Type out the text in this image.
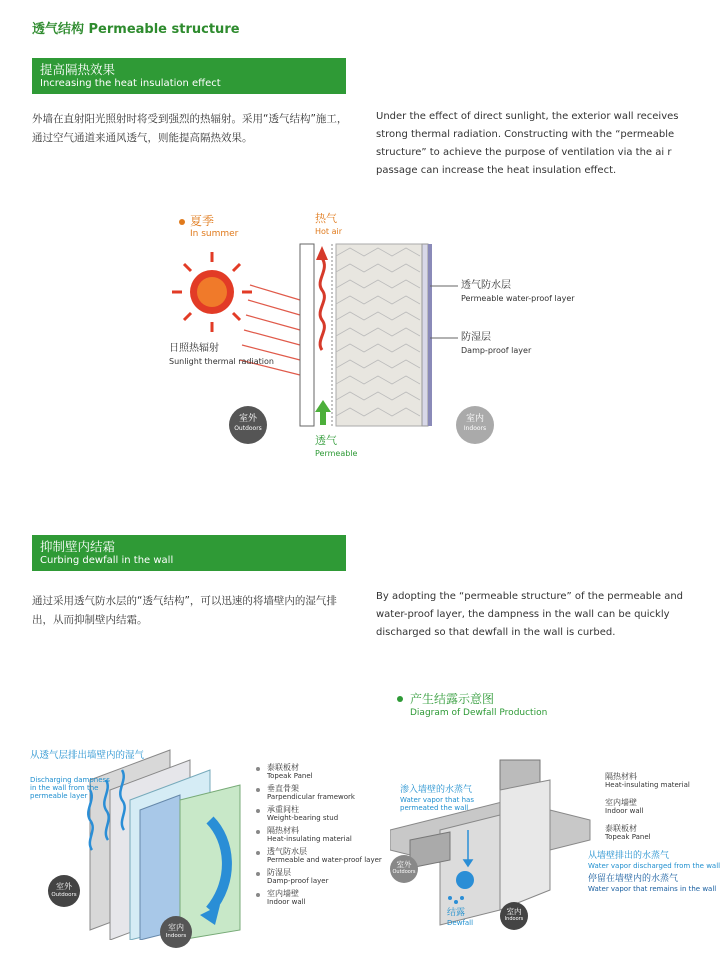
透气结构 Permeable structure
提高隔热效果
Increasing the heat insulation effect
外墙在直射阳光照射时将受到强烈的热辐射。采用“透气结构”施工，通过空气通道来通风透气，则能提高隔热效果。
Under the effect of direct sunlight, the exterior wall receives strong thermal radiation. Constructing with the “permeable structure” to achieve the purpose of ventilation via the ai r passage can increase the heat insulation effect.
夏季
In summer
热气
Hot air
日照热辐射
Sunlight thermal radiation
透气防水层
Permeable water-proof layer
防湿层
Damp-proof layer
室外
Outdoors
室内
Indoors
透气
Permeable
抑制壁内结霜
Curbing dewfall in the wall
通过采用透气防水层的“透气结构”，可以迅速的将墙壁内的湿气排出，从而抑制壁内结霜。
By adopting the “permeable structure” of the permeable and water-proof layer, the dampness in the wall can be quickly discharged so that dewfall in the wall is curbed.
从透气层排出墙壁内的湿气
Discharging dampness in the wall from the permeable layer
室外
Outdoors
室内
Indoors
泰联板材
Topeak Panel
垂直骨架
Parpendicular framework
承重间柱
Weight-bearing stud
隔热材料
Heat-insulating material
透气防水层
Permeable and water-proof layer
防湿层
Damp-proof layer
室内墙壁
Indoor wall
产生结露示意图
Diagram of Dewfall Production
渗入墙壁的水蒸气
Water vapor that has permeated the wall
隔热材料
Heat-insulating material
室内墙壁
Indoor wall
泰联板材
Topeak Panel
从墙壁排出的水蒸气
Water vapor discharged from the wall
停留在墙壁内的水蒸气
Water vapor that remains in the wall
结露
Dewfall
室外
Outdoors
室内
Indoors
